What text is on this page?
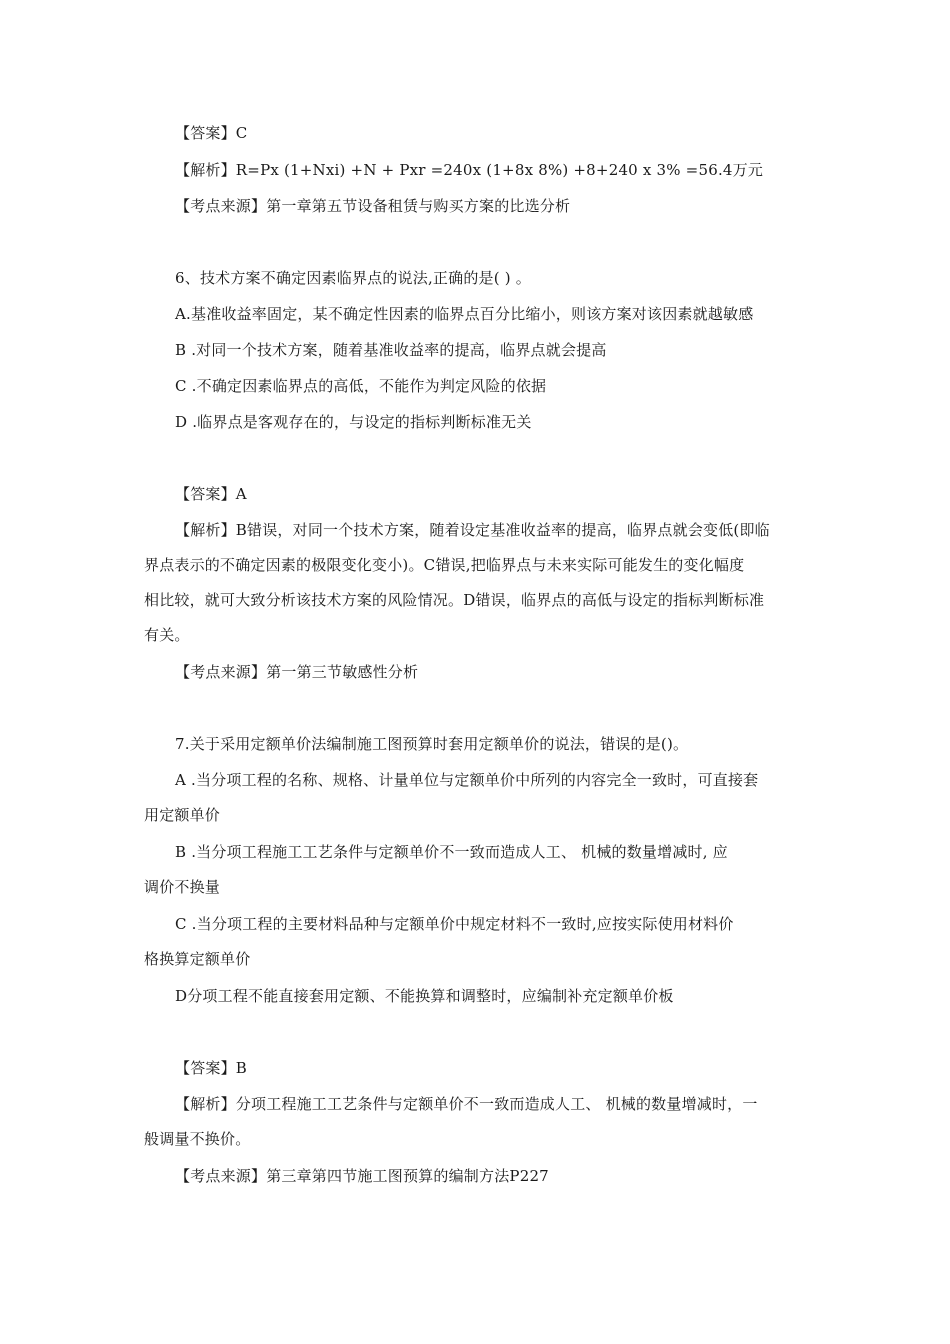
【答案】C
【解析】R=Px (1+Nxi) +N + Pxr =240x (1+8x 8%) +8+240 x 3% =56.4万元
【考点来源】第一章第五节设备租赁与购买方案的比选分析
6、技术方案不确定因素临界点的说法,正确的是( ) 。
A.基准收益率固定，某不确定性因素的临界点百分比缩小，则该方案对该因素就越敏感
B .对同一个技术方案，随着基准收益率的提高，临界点就会提高
C .不确定因素临界点的高低，不能作为判定风险的依据
D .临界点是客观存在的，与设定的指标判断标准无关
【答案】A
【解析】B错误，对同一个技术方案，随着设定基准收益率的提高，临界点就会变低(即临
界点表示的不确定因素的极限变化变小)。C错误,把临界点与未来实际可能发生的变化幅度
相比较，就可大致分析该技术方案的风险情况。D错误，临界点的高低与设定的指标判断标准
有关。
【考点来源】第一第三节敏感性分析
7.关于采用定额单价法编制施工图预算时套用定额单价的说法，错误的是()。
A .当分项工程的名称、规格、计量单位与定额单价中所列的内容完全一致时，可直接套
用定额单价
B .当分项工程施工工艺条件与定额单价不一致而造成人工、 机械的数量增减时, 应
调价不换量
C .当分项工程的主要材料品种与定额单价中规定材料不一致时,应按实际使用材料价
格换算定额单价
D分项工程不能直接套用定额、不能换算和调整时，应编制补充定额单价板
【答案】B
【解析】分项工程施工工艺条件与定额单价不一致而造成人工、 机械的数量增减时，一
般调量不换价。
【考点来源】第三章第四节施工图预算的编制方法P227
